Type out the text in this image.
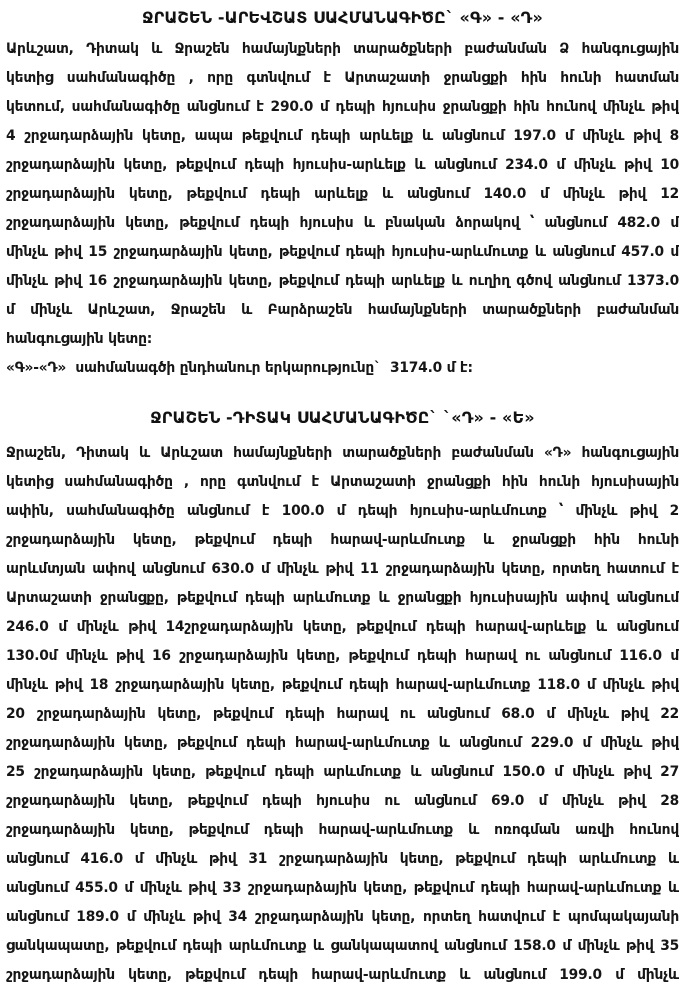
ՋՐԱՇԵՆ -ԱՐԵՎՇԱՏ ՍԱՀՄԱՆԱԳԻԾԸ` «Գ» - «Դ»
Արևշատ, Դիտակ և Ջրաշեն համայնքների տարածքների բաժանման Ձ հանգուցային
կետից սահմանագիծը , որը գտնվում է Արտաշատի ջրանցքի հին հունի հատման
կետում, սահմանագիծը անցնում է 290.0 մ դեպի հյուսիս ջրանցքի հին հունով մինչև թիվ
4 շրջադարձային կետը, ապա թեքվում դեպի արևելք և անցնում 197.0 մ մինչև թիվ 8
շրջադարձային կետը, թեքվում դեպի հյուսիս-արևելք և անցնում 234.0 մ մինչև թիվ 10
շրջադարձային կետը, թեքվում դեպի արևելք և անցնում 140.0 մ մինչև թիվ 12
շրջադարձային կետը, թեքվում դեպի հյուսիս և բնական ձորակով ՝ անցնում 482.0 մ
մինչև թիվ 15 շրջադարձային կետը, թեքվում դեպի հյուսիս-արևմուտք և անցնում 457.0 մ
մինչև թիվ 16 շրջադարձային կետը, թեքվում դեպի արևելք և ուղիղ գծով անցնում 1373.0
մ մինչև Արևշատ, Ջրաշեն և Բարձրաշեն համայնքների տարածքների բաժանման
հանգուցային կետը:
«Գ»-«Դ»  սահմանագծի ընդհանուր երկարությունը`  3174.0 մ է:
ՋՐԱՇԵՆ -ԴԻՏԱԿ ՍԱՀՄԱՆԱԳԻԾԸ` `«Դ» - «Ե»
Ջրաշեն, Դիտակ և Արևշատ համայնքների տարածքների բաժանման «Դ» հանգուցային
կետից սահմանագիծը , որը գտնվում է Արտաշատի ջրանցքի հին հունի հյուսիսային
ափին, սահմանագիծը անցնում է 100.0 մ դեպի հյուսիս-արևմուտք ՝ մինչև թիվ 2
շրջադարձային կետը, թեքվում դեպի հարավ-արևմուտք և ջրանցքի հին հունի
արևմտյան ափով անցնում 630.0 մ մինչև թիվ 11 շրջադարձային կետը, որտեղ հատում է
Արտաշատի ջրանցքը, թեքվում դեպի արևմուտք և ջրանցքի հյուսիսային ափով անցնում
246.0 մ մինչև թիվ 14շրջադարձային կետը, թեքվում դեպի հարավ-արևելք և անցնում
130.0մ մինչև թիվ 16 շրջադարձային կետը, թեքվում դեպի հարավ ու անցնում 116.0 մ
մինչև թիվ 18 շրջադարձային կետը, թեքվում դեպի հարավ-արևմուտք 118.0 մ մինչև թիվ
20 շրջադարձային կետը, թեքվում դեպի հարավ ու անցնում 68.0 մ մինչև թիվ 22
շրջադարձային կետը, թեքվում դեպի հարավ-արևմուտք և անցնում 229.0 մ մինչև թիվ
25 շրջադարձային կետը, թեքվում դեպի արևմուտք և անցնում 150.0 մ մինչև թիվ 27
շրջադարձային կետը, թեքվում դեպի հյուսիս ու անցնում 69.0 մ մինչև թիվ 28
շրջադարձային կետը, թեքվում դեպի հարավ-արևմուտք և ոռոգման առվի հունով
անցնում 416.0 մ մինչև թիվ 31 շրջադարձային կետը, թեքվում դեպի արևմուտք և
անցնում 455.0 մ մինչև թիվ 33 շրջադարձային կետը, թեքվում դեպի հարավ-արևմուտք և
անցնում 189.0 մ մինչև թիվ 34 շրջադարձային կետը, որտեղ հատվում է պոմպակայանի
ցանկապատը, թեքվում դեպի արևմուտք և ցանկապատով անցնում 158.0 մ մինչև թիվ 35
շրջադարձային կետը, թեքվում դեպի հարավ-արևմուտք և անցնում 199.0 մ մինչև
